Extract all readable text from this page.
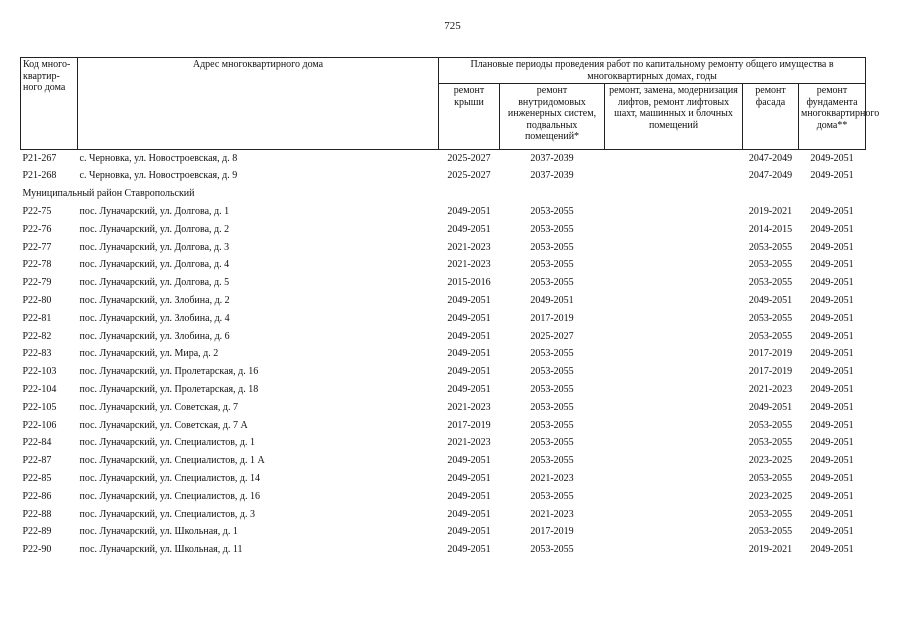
725
Код много-квартир-ного дома	Адрес многоквартирного дома	Плановые периоды проведения работ по капитальному ремонту общего имущества в многоквартирных домах, годы				
		ремонт крыши	ремонт внутридомовых инженерных систем, подвальных помещений*	ремонт, замена, модернизация лифтов, ремонт лифтовых шахт, машинных и блочных помещений	ремонт фасада	ремонт фундамента многоквартирного дома**
P21-267	с. Черновка, ул. Новостроевская, д. 8	2025-2027	2037-2039		2047-2049	2049-2051
P21-268	с. Черновка, ул. Новостроевская, д. 9	2025-2027	2037-2039		2047-2049	2049-2051
Муниципальный район Ставропольский						
P22-75	пос. Луначарский, ул. Долгова, д. 1	2049-2051	2053-2055		2019-2021	2049-2051
P22-76	пос. Луначарский, ул. Долгова, д. 2	2049-2051	2053-2055		2014-2015	2049-2051
P22-77	пос. Луначарский, ул. Долгова, д. 3	2021-2023	2053-2055		2053-2055	2049-2051
P22-78	пос. Луначарский, ул. Долгова, д. 4	2021-2023	2053-2055		2053-2055	2049-2051
P22-79	пос. Луначарский, ул. Долгова, д. 5	2015-2016	2053-2055		2053-2055	2049-2051
P22-80	пос. Луначарский, ул. Злобина, д. 2	2049-2051	2049-2051		2049-2051	2049-2051
P22-81	пос. Луначарский, ул. Злобина, д. 4	2049-2051	2017-2019		2053-2055	2049-2051
P22-82	пос. Луначарский, ул. Злобина, д. 6	2049-2051	2025-2027		2053-2055	2049-2051
P22-83	пос. Луначарский, ул. Мира, д. 2	2049-2051	2053-2055		2017-2019	2049-2051
P22-103	пос. Луначарский, ул. Пролетарская, д. 16	2049-2051	2053-2055		2017-2019	2049-2051
P22-104	пос. Луначарский, ул. Пролетарская, д. 18	2049-2051	2053-2055		2021-2023	2049-2051
P22-105	пос. Луначарский, ул. Советская, д. 7	2021-2023	2053-2055		2049-2051	2049-2051
P22-106	пос. Луначарский, ул. Советская, д. 7 А	2017-2019	2053-2055		2053-2055	2049-2051
P22-84	пос. Луначарский, ул. Специалистов, д. 1	2021-2023	2053-2055		2053-2055	2049-2051
P22-87	пос. Луначарский, ул. Специалистов, д. 1 А	2049-2051	2053-2055		2023-2025	2049-2051
P22-85	пос. Луначарский, ул. Специалистов, д. 14	2049-2051	2021-2023		2053-2055	2049-2051
P22-86	пос. Луначарский, ул. Специалистов, д. 16	2049-2051	2053-2055		2023-2025	2049-2051
P22-88	пос. Луначарский, ул. Специалистов, д. 3	2049-2051	2021-2023		2053-2055	2049-2051
P22-89	пос. Луначарский, ул. Школьная, д. 1	2049-2051	2017-2019		2053-2055	2049-2051
P22-90	пос. Луначарский, ул. Школьная, д. 11	2049-2051	2053-2055		2019-2021	2049-2051
